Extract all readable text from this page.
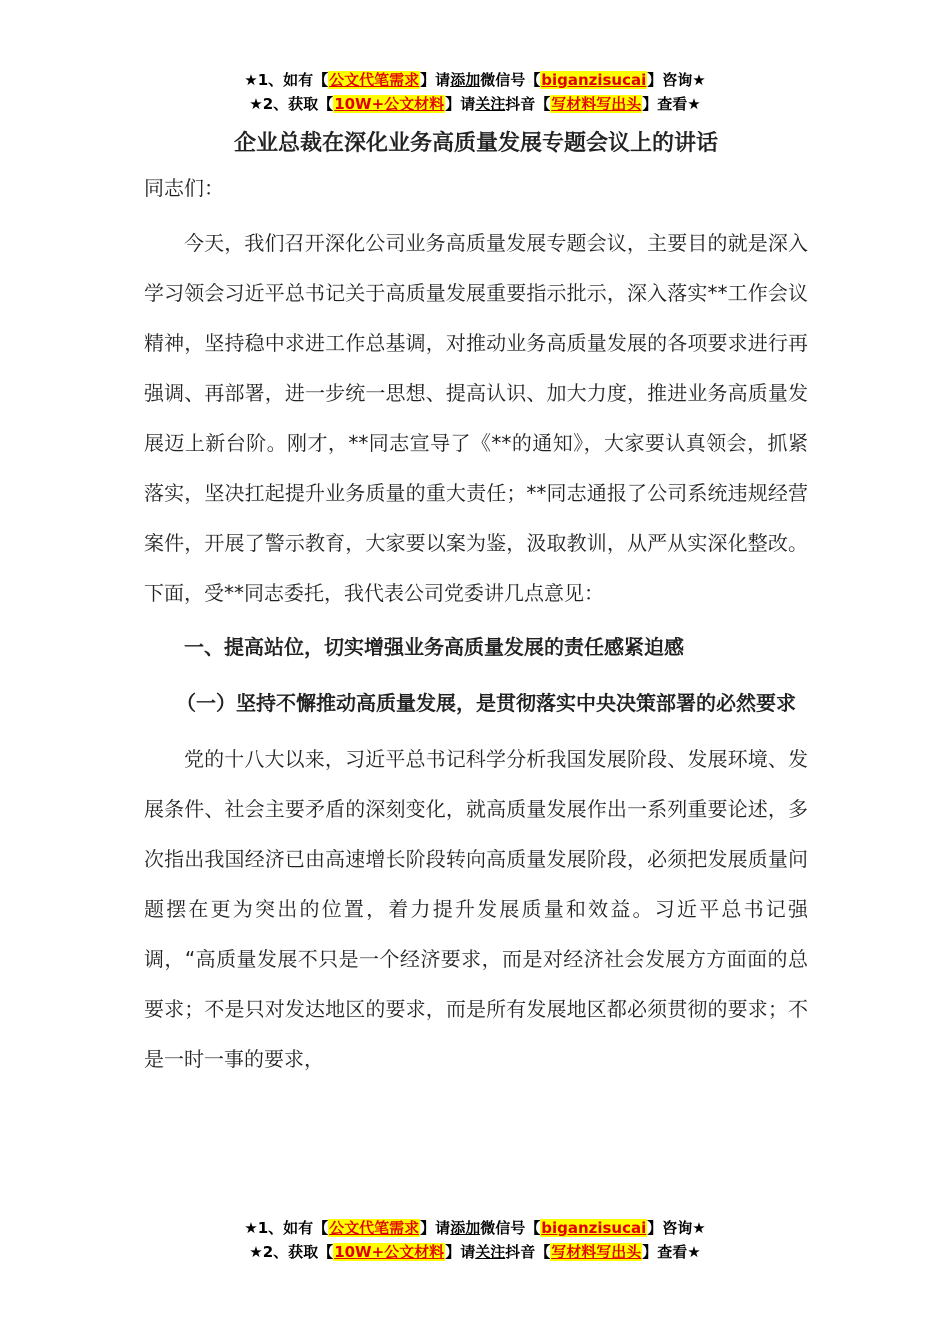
★1、如有【公文代笔需求】请添加微信号【biganzisucai】咨询★
★2、获取【10W+公文材料】请关注抖音【写材料写出头】查看★
企业总裁在深化业务高质量发展专题会议上的讲话
同志们：

今天，我们召开深化公司业务高质量发展专题会议，主要目的就是深入学习领会习近平总书记关于高质量发展重要指示批示，深入落实**工作会议精神，坚持稳中求进工作总基调，对推动业务高质量发展的各项要求进行再强调、再部署，进一步统一思想、提高认识、加大力度，推进业务高质量发展迈上新台阶。刚才，**同志宣导了《**的通知》，大家要认真领会，抓紧落实，坚决扛起提升业务质量的重大责任；**同志通报了公司系统违规经营案件，开展了警示教育，大家要以案为鉴，汲取教训，从严从实深化整改。下面，受**同志委托，我代表公司党委讲几点意见：

一、提高站位，切实增强业务高质量发展的责任感紧迫感
（一）坚持不懈推动高质量发展，是贯彻落实中央决策部署的必然要求

党的十八大以来，习近平总书记科学分析我国发展阶段、发展环境、发展条件、社会主要矛盾的深刻变化，就高质量发展作出一系列重要论述，多次指出我国经济已由高速增长阶段转向高质量发展阶段，必须把发展质量问题摆在更为突出的位置，着力提升发展质量和效益。习近平总书记强调，“高质量发展不只是一个经济要求，而是对经济社会发展方方面面的总要求；不是只对发达地区的要求，而是所有发展地区都必须贯彻的要求；不是一时一事的要求，

★1、如有【公文代笔需求】请添加微信号【biganzisucai】咨询★
★2、获取【10W+公文材料】请关注抖音【写材料写出头】查看★
